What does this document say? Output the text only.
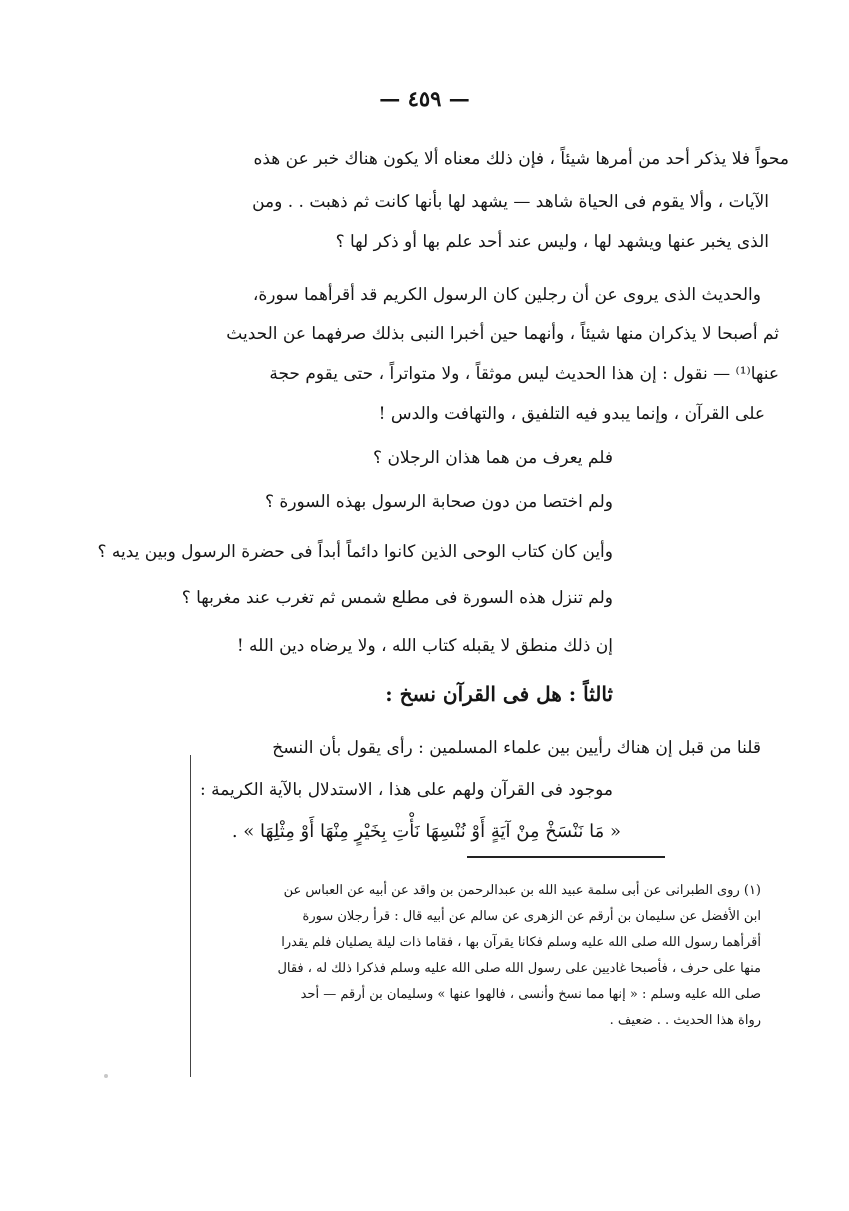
— ٤٥٩ —
محواً فلا يذكر أحد من أمرها شيئاً ، فإن ذلك معناه ألا يكون هناك خبر عن هذه
الآيات ، وألا يقوم فى الحياة شاهد — يشهد لها بأنها كانت ثم ذهبت . . ومن
الذى يخبر عنها ويشهد لها ، وليس عند أحد علم بها أو ذكر لها ؟
والحديث الذى يروى عن أن رجلين كان الرسول الكريم قد أقرأهما سورة،
ثم أصبحا لا يذكران منها شيئاً ، وأنهما حين أخبرا النبى بذلك صرفهما عن الحديث
عنها⁽¹⁾ — نقول : إن هذا الحديث ليس موثقاً ، ولا متواتراً ، حتى يقوم حجة
على القرآن ، وإنما يبدو فيه التلفيق ، والتهافت والدس !
فلم يعرف من هما هذان الرجلان ؟
ولم اختصا من دون صحابة الرسول بهذه السورة ؟
وأين كان كتاب الوحى الذين كانوا دائماً أبداً فى حضرة الرسول وبين يديه ؟
ولم تنزل هذه السورة فى مطلع شمس ثم تغرب عند مغربها ؟
إن ذلك منطق لا يقبله كتاب الله ، ولا يرضاه دين الله !
ثالثاً : هل فى القرآن نسخ :
قلنا من قبل إن هناك رأيين بين علماء المسلمين : رأى يقول بأن النسخ
موجود فى القرآن ولهم على هذا ، الاستدلال بالآية الكريمة :
« مَا نَنْسَخْ مِنْ آيَةٍ أَوْ نُنْسِهَا نَأْتِ بِخَيْرٍ مِنْهَا أَوْ مِثْلِهَا » .
(١) روى الطبرانى عن أبى سلمة عبيد الله بن عبدالرحمن بن واقد عن أبيه عن العباس عن
ابن الأفضل عن سليمان بن أرقم عن الزهرى عن سالم عن أبيه قال : قرأ رجلان سورة
أقرأهما رسول الله صلى الله عليه وسلم فكانا يقرآن بها ، فقاما ذات ليلة يصليان فلم يقدرا
منها على حرف ، فأصبحا غاديين على رسول الله صلى الله عليه وسلم فذكرا ذلك له ، فقال
صلى الله عليه وسلم : « إنها مما نسخ وأنسى ، فالهوا عنها » وسليمان بن أرقم — أحد
رواة هذا الحديث . . ضعيف .
